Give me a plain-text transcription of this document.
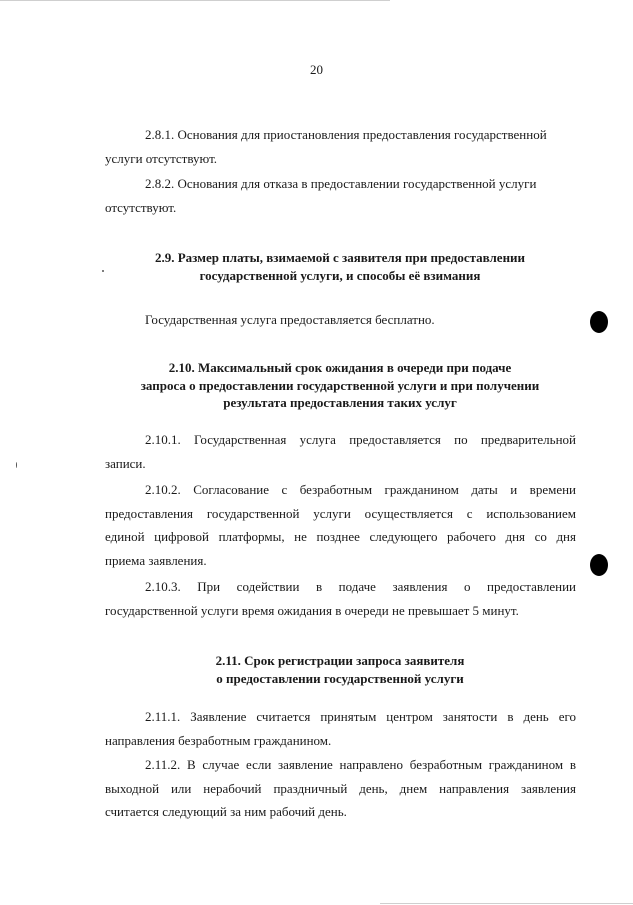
20
2.8.1. Основания для приостановления предоставления государственной
услуги отсутствуют.
2.8.2. Основания для отказа в предоставлении государственной услуги
отсутствуют.
2.9. Размер платы, взимаемой с заявителя при предоставлении
государственной услуги, и способы её взимания
Государственная услуга предоставляется бесплатно.
2.10. Максимальный срок ожидания в очереди при подаче
запроса о предоставлении государственной услуги и при получении
результата предоставления таких услуг
2.10.1. Государственная услуга предоставляется по предварительной
записи.
2.10.2. Согласование с безработным гражданином даты и времени
предоставления государственной услуги осуществляется с использованием
единой цифровой платформы, не позднее следующего рабочего дня со дня
приема заявления.
2.10.3. При содействии в подаче заявления о предоставлении
государственной услуги время ожидания в очереди не превышает 5 минут.
2.11. Срок регистрации запроса заявителя
о предоставлении государственной услуги
2.11.1. Заявление считается принятым центром занятости в день его
направления безработным гражданином.
2.11.2. В случае если заявление направлено безработным гражданином в
выходной или нерабочий праздничный день, днем направления заявления
считается следующий за ним рабочий день.
